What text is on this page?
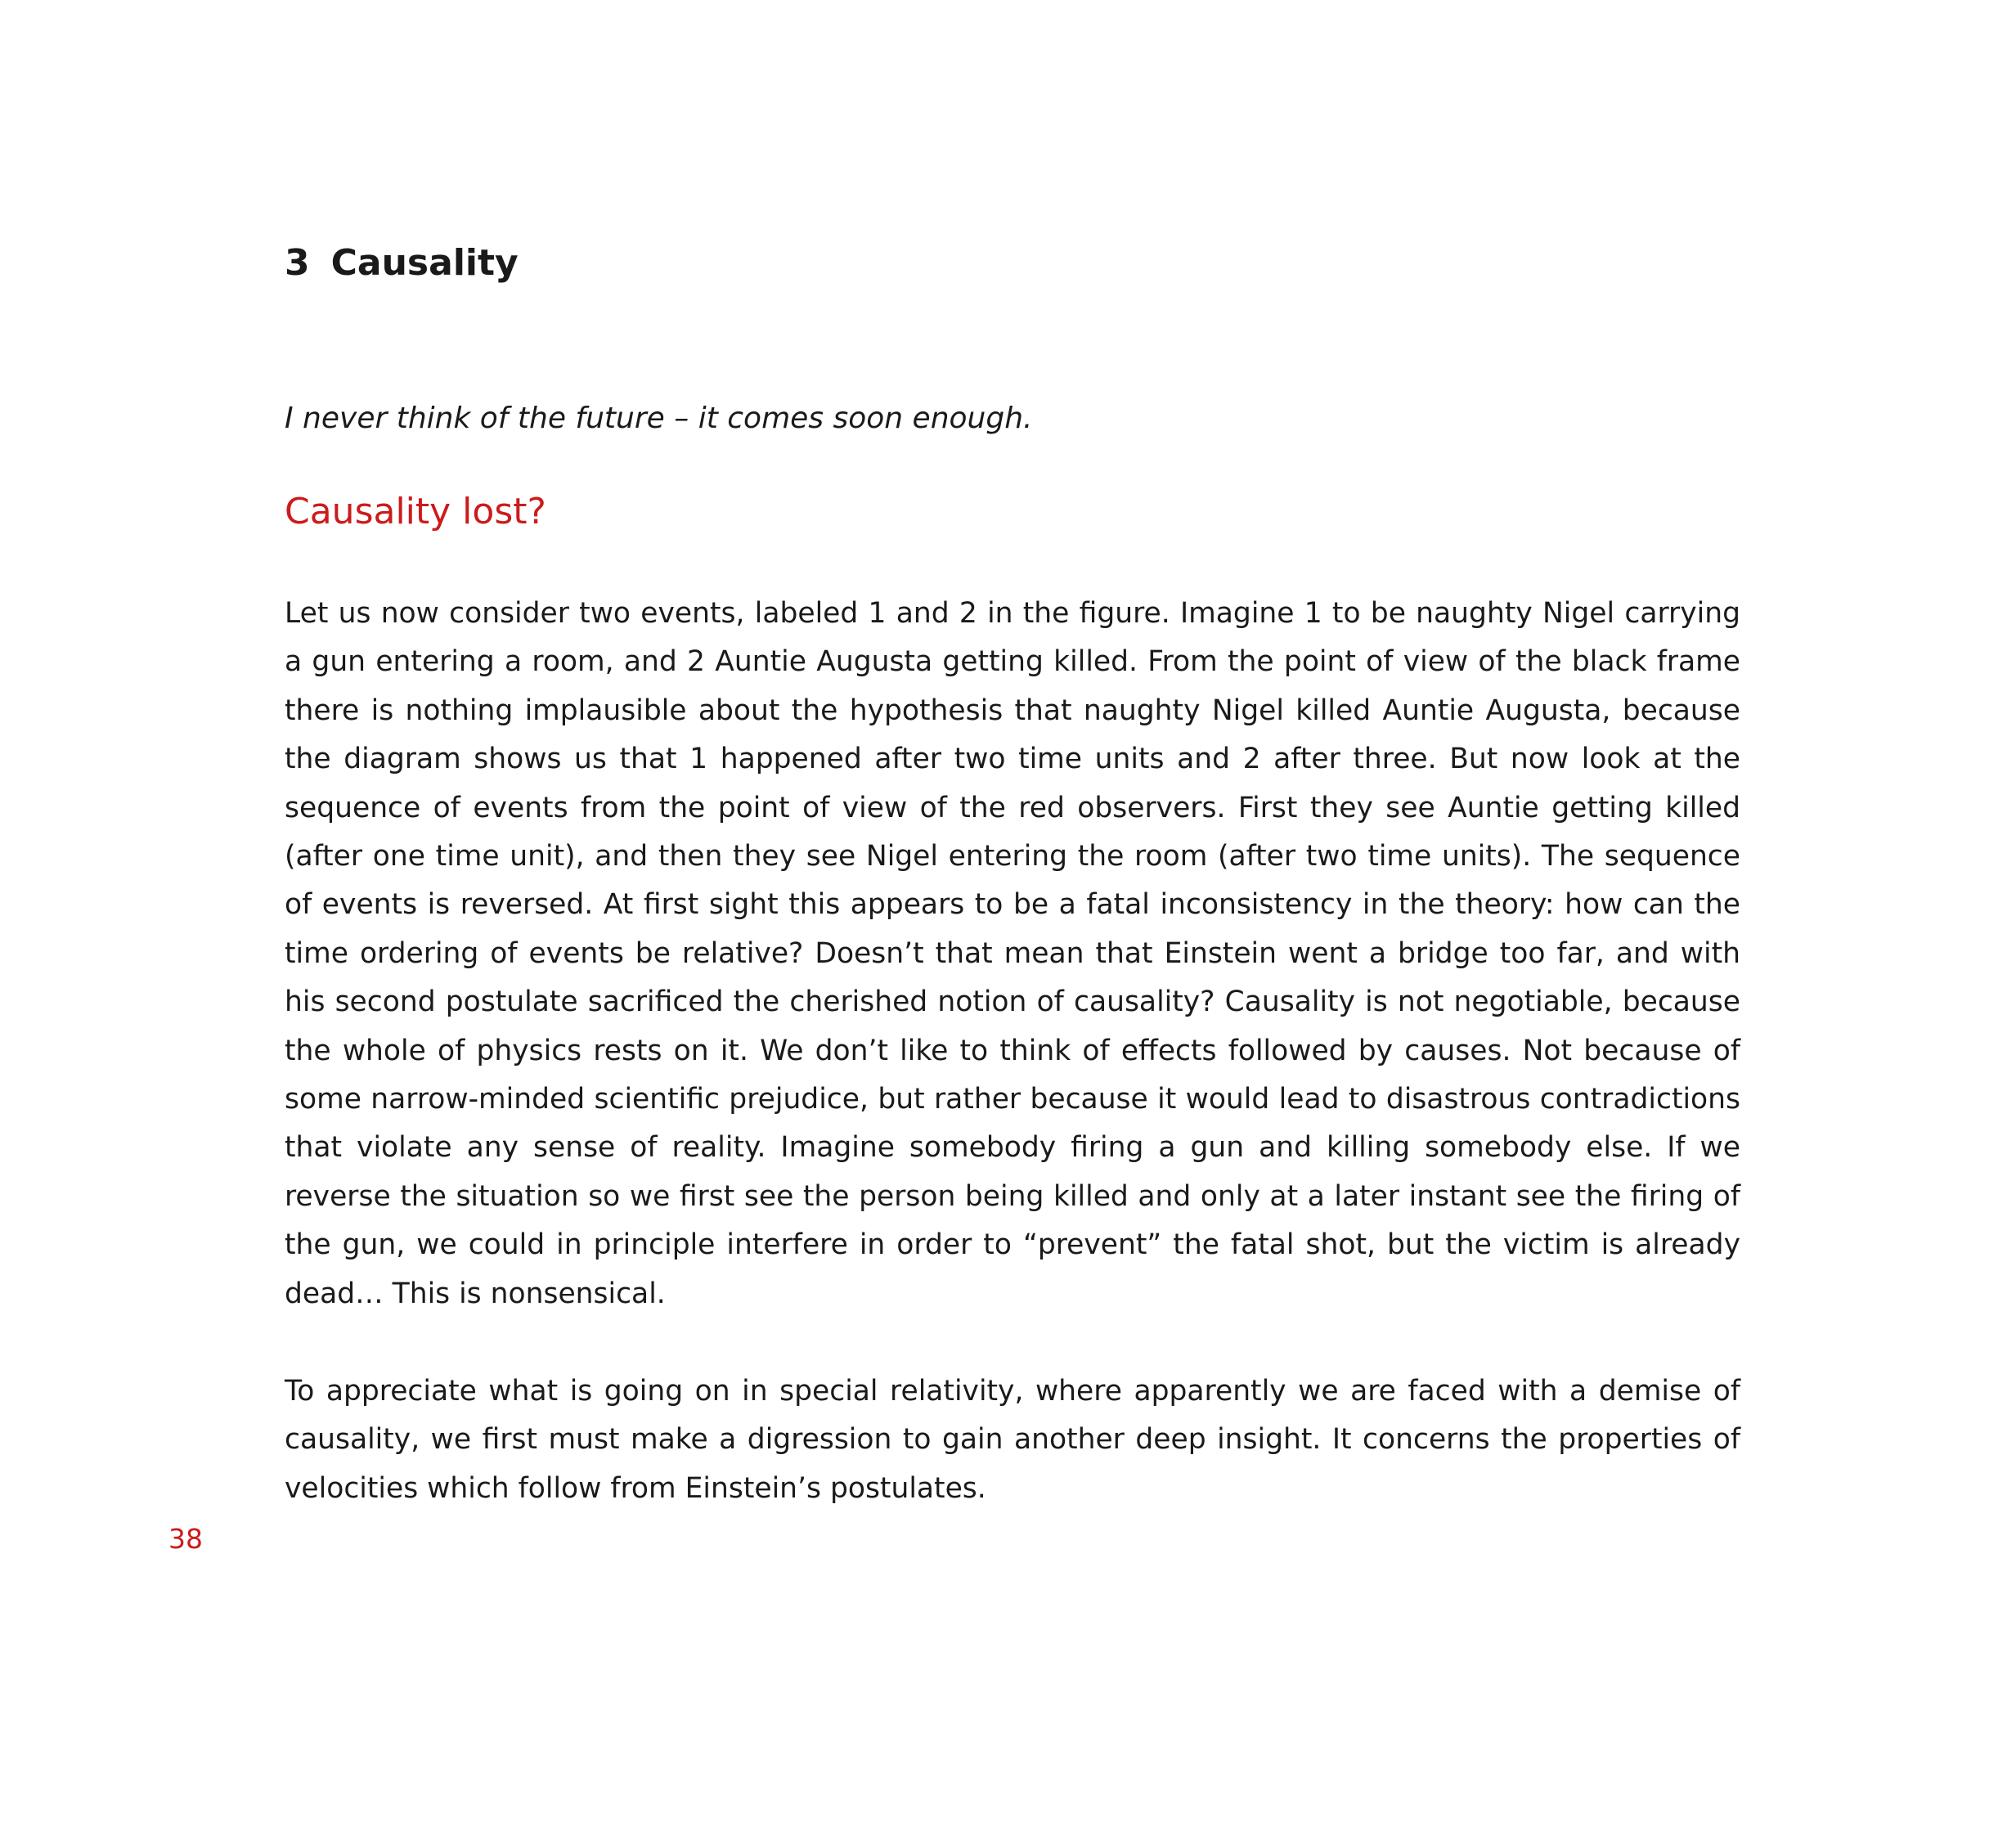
3 Causality

I never think of the future – it comes soon enough.

Causality lost?

Let us now consider two events, labeled 1 and 2 in the figure. Imagine 1 to be naughty Nigel carrying a gun entering a room, and 2 Auntie Augusta getting killed. From the point of view of the black frame there is nothing implausible about the hypothesis that naughty Nigel killed Auntie Augusta, because the diagram shows us that 1 happened after two time units and 2 after three. But now look at the sequence of events from the point of view of the red observers. First they see Auntie getting killed (after one time unit), and then they see Nigel entering the room (after two time units). The sequence of events is reversed. At first sight this appears to be a fatal inconsistency in the theory: how can the time ordering of events be relative? Doesn’t that mean that Einstein went a bridge too far, and with his second postulate sacrificed the cherished notion of causality? Causality is not negotiable, because the whole of physics rests on it. We don’t like to think of effects followed by causes. Not because of some narrow-minded scientific prejudice, but rather because it would lead to disastrous contradictions that violate any sense of reality. Imagine somebody firing a gun and killing somebody else. If we reverse the situation so we first see the person being killed and only at a later instant see the firing of the gun, we could in principle interfere in order to “prevent” the fatal shot, but the victim is already dead… This is nonsensical.

To appreciate what is going on in special relativity, where apparently we are faced with a demise of causality, we first must make a digression to gain another deep insight. It concerns the properties of velocities which follow from Einstein’s postulates.

38
